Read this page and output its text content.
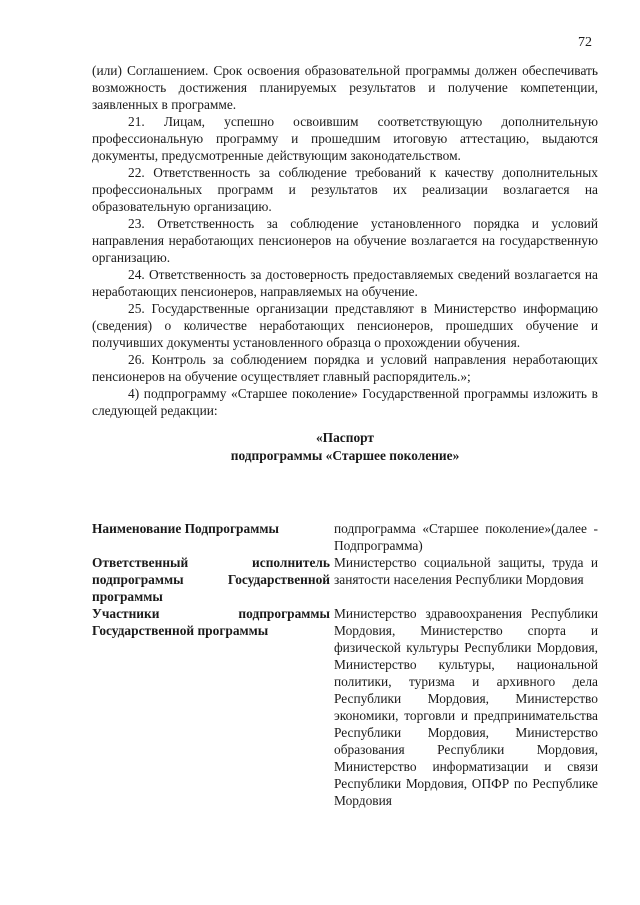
72

(или) Соглашением. Срок освоения образовательной программы должен обеспечивать возможность достижения планируемых результатов и получение компетенции, заявленных в программе.

21. Лицам, успешно освоившим соответствующую дополнительную профессиональную программу и прошедшим итоговую аттестацию, выдаются документы, предусмотренные действующим законодательством.

22. Ответственность за соблюдение требований к качеству дополнительных профессиональных программ и результатов их реализации возлагается на образовательную организацию.

23. Ответственность за соблюдение установленного порядка и условий направления неработающих пенсионеров на обучение возлагается на государственную организацию.

24. Ответственность за достоверность предоставляемых сведений возлагается на неработающих пенсионеров, направляемых на обучение.

25. Государственные организации представляют в Министерство информацию (сведения) о количестве неработающих пенсионеров, прошедших обучение и получивших документы установленного образца о прохождении обучения.

26. Контроль за соблюдением порядка и условий направления неработающих пенсионеров на обучение осуществляет главный распорядитель.»;

4) подпрограмму «Старшее поколение» Государственной программы изложить в следующей редакции:

«Паспорт
подпрограммы «Старшее поколение»
Наименование Подпрограммы	подпрограмма «Старшее поколение»(далее - Подпрограмма)
Ответственный исполнитель подпрограммы Государственной программы
Министерство социальной защиты, труда и занятости населения Республики Мордовия
Участники подпрограммы Государственной программы
Министерство здравоохранения Республики Мордовия, Министерство спорта и физической культуры Республики Мордовия, Министерство культуры, национальной политики, туризма и архивного дела Республики Мордовия, Министерство экономики, торговли и предпринимательства Республики Мордовия, Министерство образования Республики Мордовия, Министерство информатизации и связи Республики Мордовия, ОПФР по Республике Мордовия
